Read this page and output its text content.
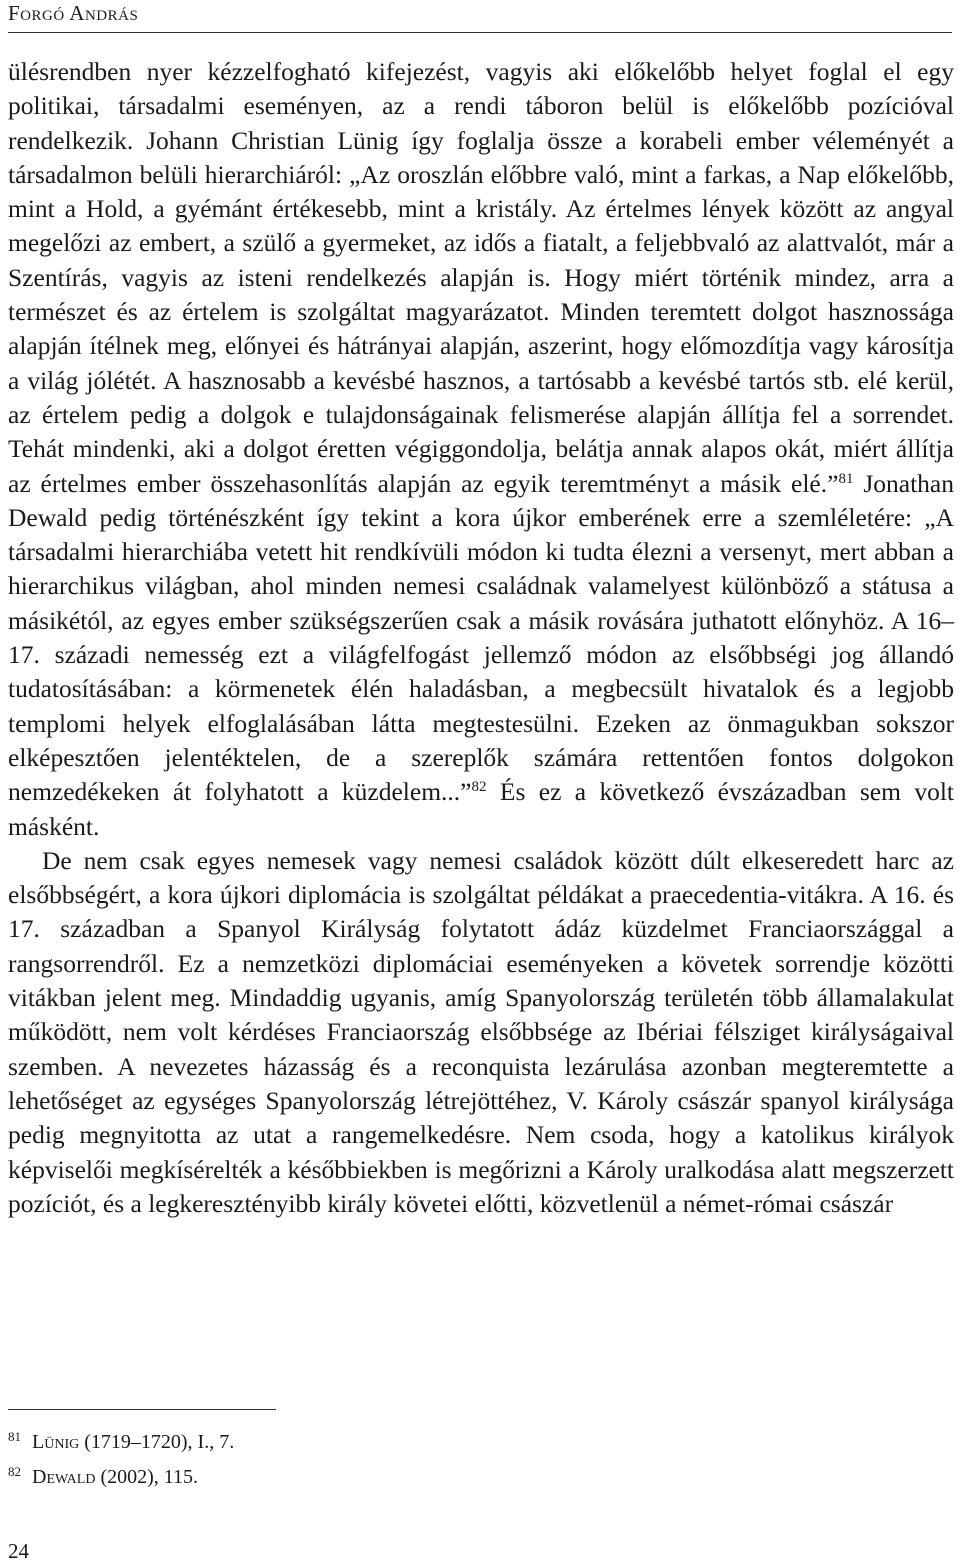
Forgó András

ülésrendben nyer kézzelfogható kifejezést, vagyis aki előkelőbb helyet foglal el egy politikai, társadalmi eseményen, az a rendi táboron belül is előkelőbb pozícióval rendelkezik. Johann Christian Lünig így foglalja össze a korabeli ember véleményét a társadalmon belüli hierarchiáról: „Az oroszlán előbbre való, mint a farkas, a Nap előkelőbb, mint a Hold, a gyémánt értékesebb, mint a kristály. Az értelmes lények között az angyal megelőzi az embert, a szülő a gyermeket, az idős a fiatalt, a feljebbvaló az alattvalót, már a Szentírás, vagyis az isteni rendelkezés alapján is. Hogy miért történik mindez, arra a természet és az értelem is szolgáltat magyarázatot. Minden teremtett dolgot hasznossága alapján ítélnek meg, előnyei és hátrányai alapján, aszerint, hogy előmozdítja vagy károsítja a világ jólétét. A hasznosabb a kevésbé hasznos, a tartósabb a kevésbé tartós stb. elé kerül, az értelem pedig a dolgok e tulajdonságainak felismerése alapján állítja fel a sorrendet. Tehát mindenki, aki a dolgot éretten végiggondolja, belátja annak alapos okát, miért állítja az értelmes ember összehasonlítás alapján az egyik teremtményt a másik elé.”$^{81}$ Jonathan Dewald pedig történészként így tekint a kora újkor emberének erre a szemléletére: „A társadalmi hierarchiába vetett hit rendkívüli módon ki tudta élezni a versenyt, mert abban a hierarchikus világban, ahol minden nemesi családnak valamelyest különböző a státusa a másikétól, az egyes ember szükségszerűen csak a másik rovására juthatott előnyhöz. A 16–17. századi nemesség ezt a világfelfogást jellemző módon az elsőbbségi jog állandó tudatosításában: a körmenetek élén haladásban, a megbecsült hivatalok és a legjobb templomi helyek elfoglalásában látta megtestesülni. Ezeken az önmagukban sokszor elképesztően jelentéktelen, de a szereplők számára rettentően fontos dolgokon nemzedékeken át folyhatott a küzdelem...”$^{82}$ És ez a következő évszázadban sem volt másként.

De nem csak egyes nemesek vagy nemesi családok között dúlt elkeseredett harc az elsőbbségért, a kora újkori diplomácia is szolgáltat példákat a praecedentia-vitákra. A 16. és 17. században a Spanyol Királyság folytatott ádáz küzdelmet Franciaországgal a rangsorrendről. Ez a nemzetközi diplomáciai eseményeken a követek sorrendje közötti vitákban jelent meg. Mindaddig ugyanis, amíg Spanyolország területén több államalakulat működött, nem volt kérdéses Franciaország elsőbbsége az Ibériai félsziget királyságaival szemben. A nevezetes házasság és a reconquista lezárulása azonban megteremtette a lehetőséget az egységes Spanyolország létrejöttéhez, V. Károly császár spanyol királysága pedig megnyitotta az utat a rangemelkedésre. Nem csoda, hogy a katolikus királyok képviselői megkísérelték a későbbiekben is megőrizni a Károly uralkodása alatt megszerzett pozíciót, és a legkeresztényibb király követei előtti, közvetlenül a német-római császár

81 Lünig (1719–1720), I., 7.
82 Dewald (2002), 115.
24
